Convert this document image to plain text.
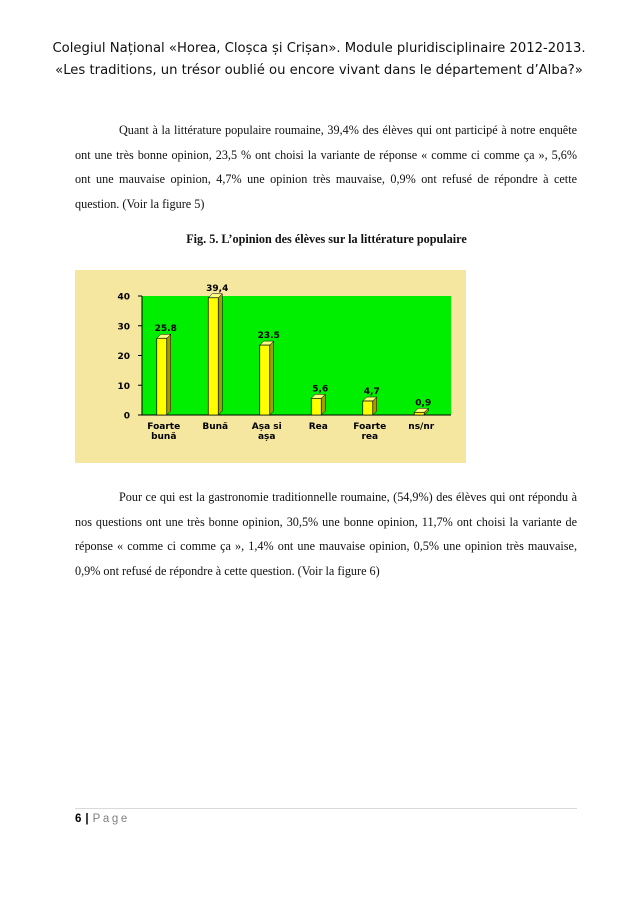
Colegiul Național «Horea, Cloșca și Crișan». Module pluridisciplinaire 2012-2013.
«Les traditions, un trésor oublié ou encore vivant dans le département d’Alba?»

Quant à la littérature populaire roumaine, 39,4% des élèves qui ont participé à notre enquête ont une très bonne opinion, 23,5 % ont choisi la variante de réponse « comme ci comme ça », 5,6% ont une mauvaise opinion, 4,7% une opinion très mauvaise, 0,9% ont refusé de répondre à cette question. (Voir la figure 5)

Fig. 5. L’opinion des élèves sur la littérature populaire
0
10
20
30
40
25.8
Foarte
bună
39,4
Bună
23.5
Așa si
așa
5,6
Rea
4,7
Foarte
rea
0,9
ns/nr

Pour ce qui est la gastronomie traditionnelle roumaine, (54,9%) des élèves qui ont répondu à nos questions ont une très bonne opinion, 30,5% une bonne opinion, 11,7% ont choisi la variante de réponse « comme ci comme ça », 1,4% ont une mauvaise opinion, 0,5% une opinion très mauvaise, 0,9% ont refusé de répondre à cette question. (Voir la figure 6)

6 | Page
